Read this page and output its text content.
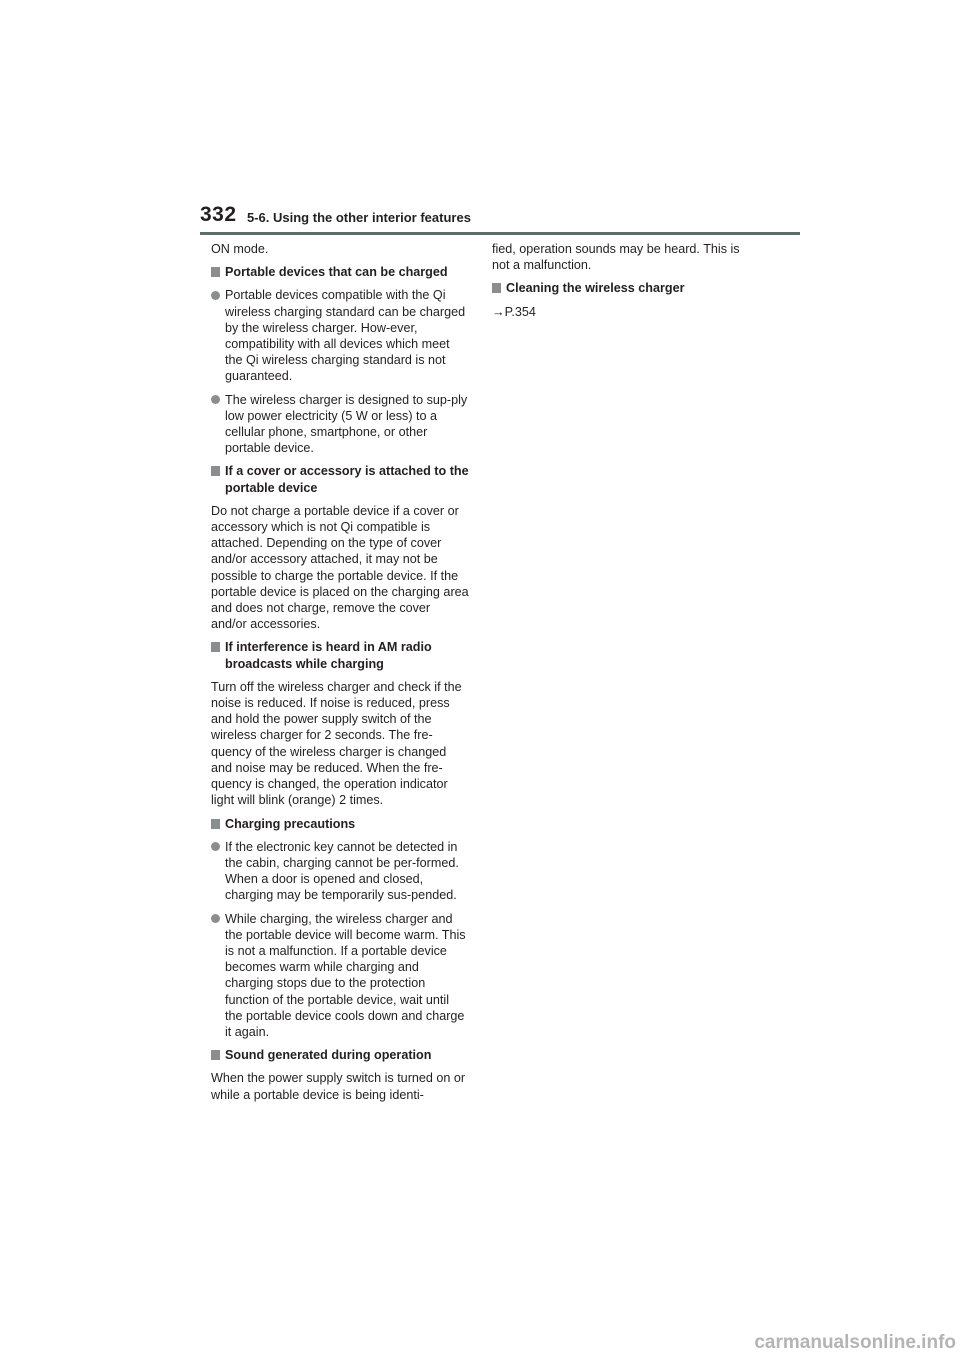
332 5-6. Using the other interior features

ON mode.

Portable devices that can be charged
Portable devices compatible with the Qi wireless charging standard can be charged by the wireless charger. How-ever, compatibility with all devices which meet the Qi wireless charging standard is not guaranteed.
The wireless charger is designed to sup-ply low power electricity (5 W or less) to a cellular phone, smartphone, or other portable device.
If a cover or accessory is attached to the portable device

Do not charge a portable device if a cover or accessory which is not Qi compatible is attached. Depending on the type of cover and/or accessory attached, it may not be possible to charge the portable device. If the portable device is placed on the charging area and does not charge, remove the cover and/or accessories.

If interference is heard in AM radio broadcasts while charging

Turn off the wireless charger and check if the noise is reduced. If noise is reduced, press and hold the power supply switch of the wireless charger for 2 seconds. The fre-quency of the wireless charger is changed and noise may be reduced. When the fre-quency is changed, the operation indicator light will blink (orange) 2 times.

Charging precautions
If the electronic key cannot be detected in the cabin, charging cannot be per-formed. When a door is opened and closed, charging may be temporarily sus-pended.
While charging, the wireless charger and the portable device will become warm. This is not a malfunction. If a portable device becomes warm while charging and charging stops due to the protection function of the portable device, wait until the portable device cools down and charge it again.
Sound generated during operation

When the power supply switch is turned on or while a portable device is being identi-

fied, operation sounds may be heard. This is not a malfunction.

Cleaning the wireless charger

→P.354

carmanualsonline.info
